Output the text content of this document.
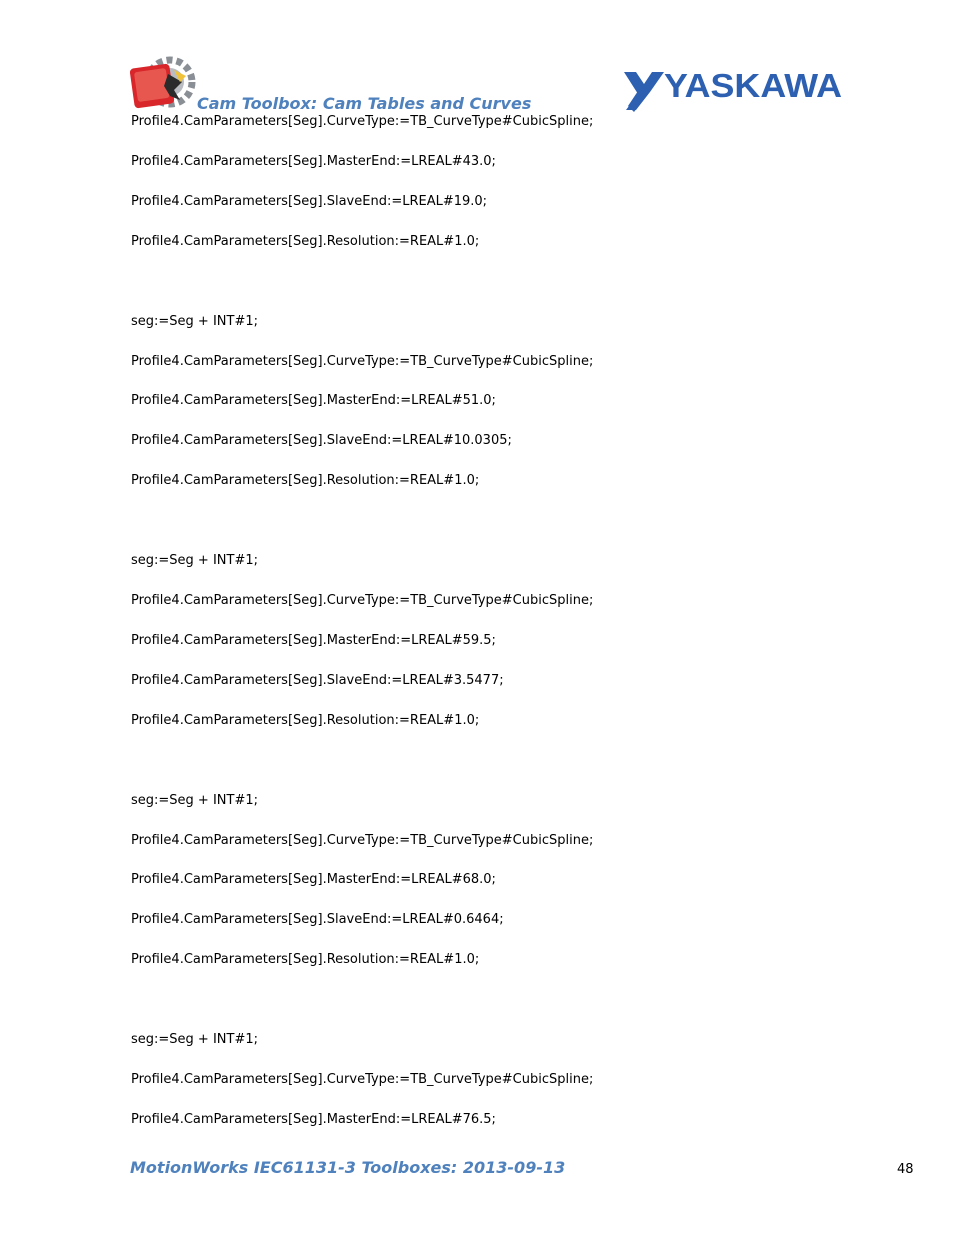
Cam Toolbox: Cam Tables and Curves	YASKAWA
Profile4.CamParameters[Seg].CurveType:=TB_CurveType#CubicSpline;
Profile4.CamParameters[Seg].MasterEnd:=LREAL#43.0;
Profile4.CamParameters[Seg].SlaveEnd:=LREAL#19.0;
Profile4.CamParameters[Seg].Resolution:=REAL#1.0;
seg:=Seg + INT#1;
Profile4.CamParameters[Seg].CurveType:=TB_CurveType#CubicSpline;
Profile4.CamParameters[Seg].MasterEnd:=LREAL#51.0;
Profile4.CamParameters[Seg].SlaveEnd:=LREAL#10.0305;
Profile4.CamParameters[Seg].Resolution:=REAL#1.0;
seg:=Seg + INT#1;
Profile4.CamParameters[Seg].CurveType:=TB_CurveType#CubicSpline;
Profile4.CamParameters[Seg].MasterEnd:=LREAL#59.5;
Profile4.CamParameters[Seg].SlaveEnd:=LREAL#3.5477;
Profile4.CamParameters[Seg].Resolution:=REAL#1.0;
seg:=Seg + INT#1;
Profile4.CamParameters[Seg].CurveType:=TB_CurveType#CubicSpline;
Profile4.CamParameters[Seg].MasterEnd:=LREAL#68.0;
Profile4.CamParameters[Seg].SlaveEnd:=LREAL#0.6464;
Profile4.CamParameters[Seg].Resolution:=REAL#1.0;
seg:=Seg + INT#1;
Profile4.CamParameters[Seg].CurveType:=TB_CurveType#CubicSpline;
Profile4.CamParameters[Seg].MasterEnd:=LREAL#76.5;
MotionWorks IEC61131-3 Toolboxes: 2013-09-13	48
